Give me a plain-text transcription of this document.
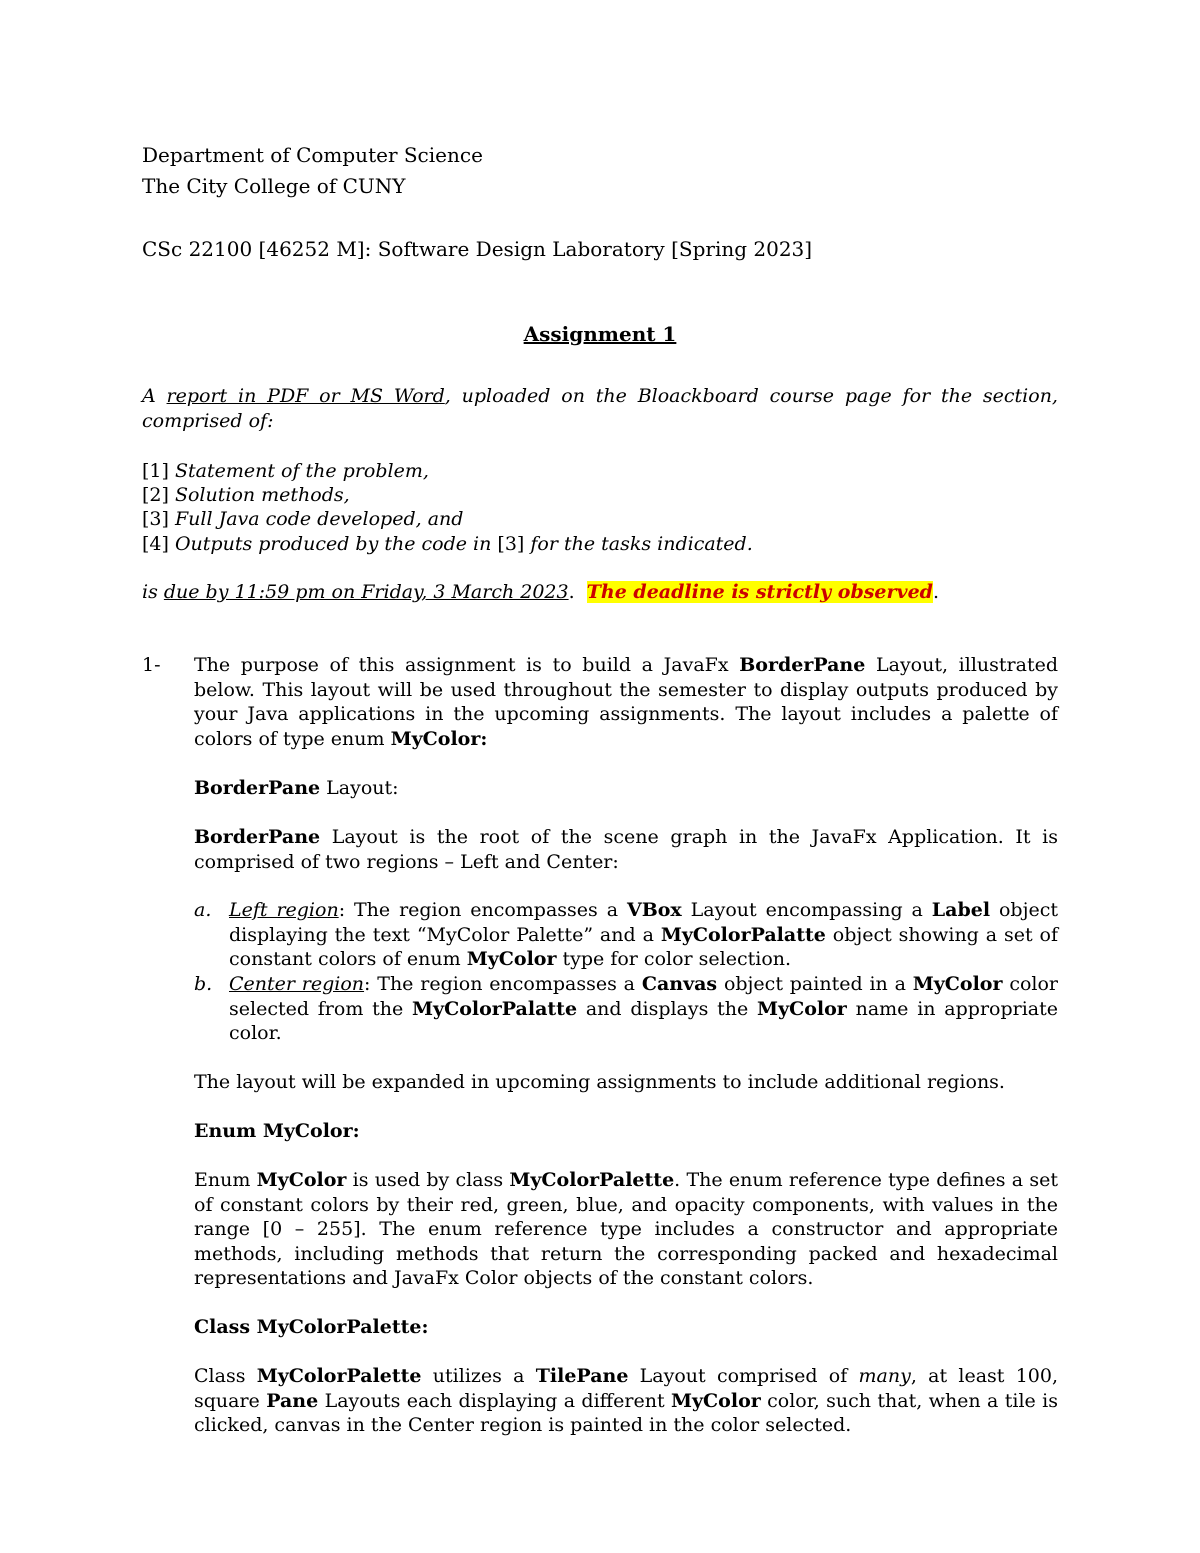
Department of Computer Science
The City College of CUNY
CSc 22100 [46252 M]: Software Design Laboratory [Spring 2023]
Assignment 1
A report in PDF or MS Word, uploaded on the Bloackboard course page for the section, comprised of:
[1] Statement of the problem,
[2] Solution methods,
[3] Full Java code developed, and
[4] Outputs produced by the code in [3] for the tasks indicated.
is due by 11:59 pm on Friday, 3 March 2023. The deadline is strictly observed.
1- The purpose of this assignment is to build a JavaFx BorderPane Layout, illustrated below. This layout will be used throughout the semester to display outputs produced by your Java applications in the upcoming assignments. The layout includes a palette of colors of type enum MyColor:
BorderPane Layout:
BorderPane Layout is the root of the scene graph in the JavaFx Application. It is comprised of two regions – Left and Center:
a. Left region: The region encompasses a VBox Layout encompassing a Label object displaying the text “MyColor Palette” and a MyColorPalatte object showing a set of constant colors of enum MyColor type for color selection.
b. Center region: The region encompasses a Canvas object painted in a MyColor color selected from the MyColorPalatte and displays the MyColor name in appropriate color.
The layout will be expanded in upcoming assignments to include additional regions.
Enum MyColor:
Enum MyColor is used by class MyColorPalette. The enum reference type defines a set of constant colors by their red, green, blue, and opacity components, with values in the range [0 – 255]. The enum reference type includes a constructor and appropriate methods, including methods that return the corresponding packed and hexadecimal representations and JavaFx Color objects of the constant colors.
Class MyColorPalette:
Class MyColorPalette utilizes a TilePane Layout comprised of many, at least 100, square Pane Layouts each displaying a different MyColor color, such that, when a tile is clicked, canvas in the Center region is painted in the color selected.
